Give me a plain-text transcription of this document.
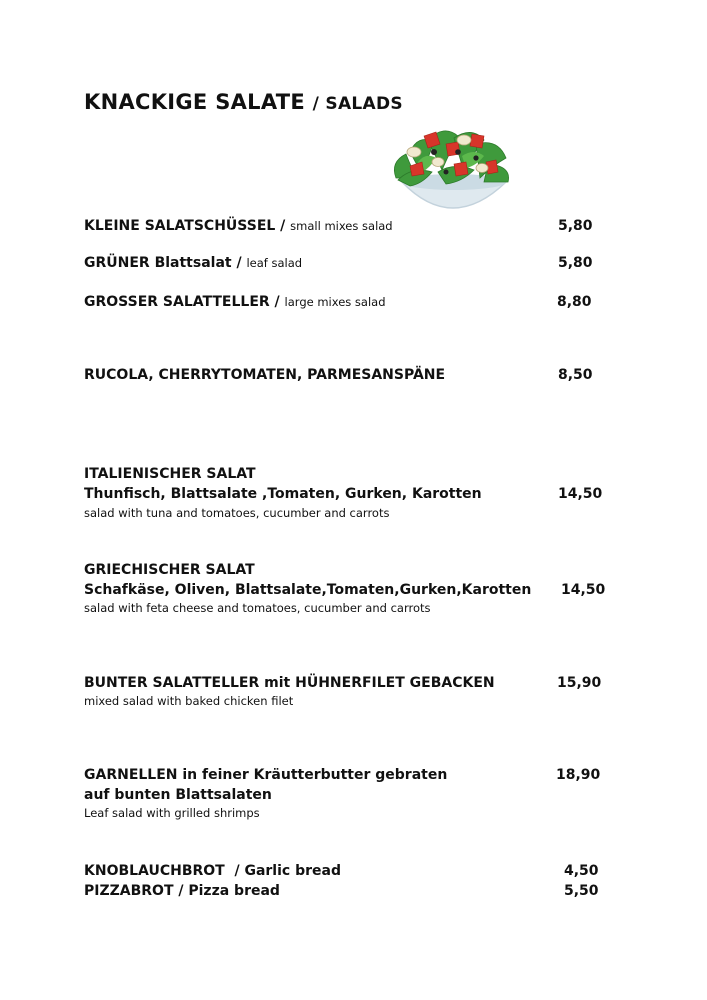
KNACKIGE SALATE / SALADS
KLEINE SALATSCHÜSSEL / small mixes salad	5,80
GRÜNER Blattsalat / leaf salad	5,80
GROSSER SALATTELLER / large mixes salad	8,80
RUCOLA, CHERRYTOMATEN, PARMESANSPÄNE	8,50
ITALIENISCHER SALAT
Thunfisch, Blattsalate ,Tomaten, Gurken, Karotten	14,50
salad with tuna and tomatoes, cucumber and carrots
GRIECHISCHER SALAT
Schafkäse, Oliven, Blattsalate,Tomaten,Gurken,Karotten 14,50
salad with feta cheese and tomatoes, cucumber and carrots
BUNTER SALATTELLER mit HÜHNERFILET GEBACKEN	15,90
mixed salad with baked chicken filet
GARNELLEN in feiner Kräutterbutter gebraten	18,90
auf bunten Blattsalaten
Leaf salad with grilled shrimps
KNOBLAUCHBROT  / Garlic bread	4,50
PIZZABROT / Pizza bread	5,50
